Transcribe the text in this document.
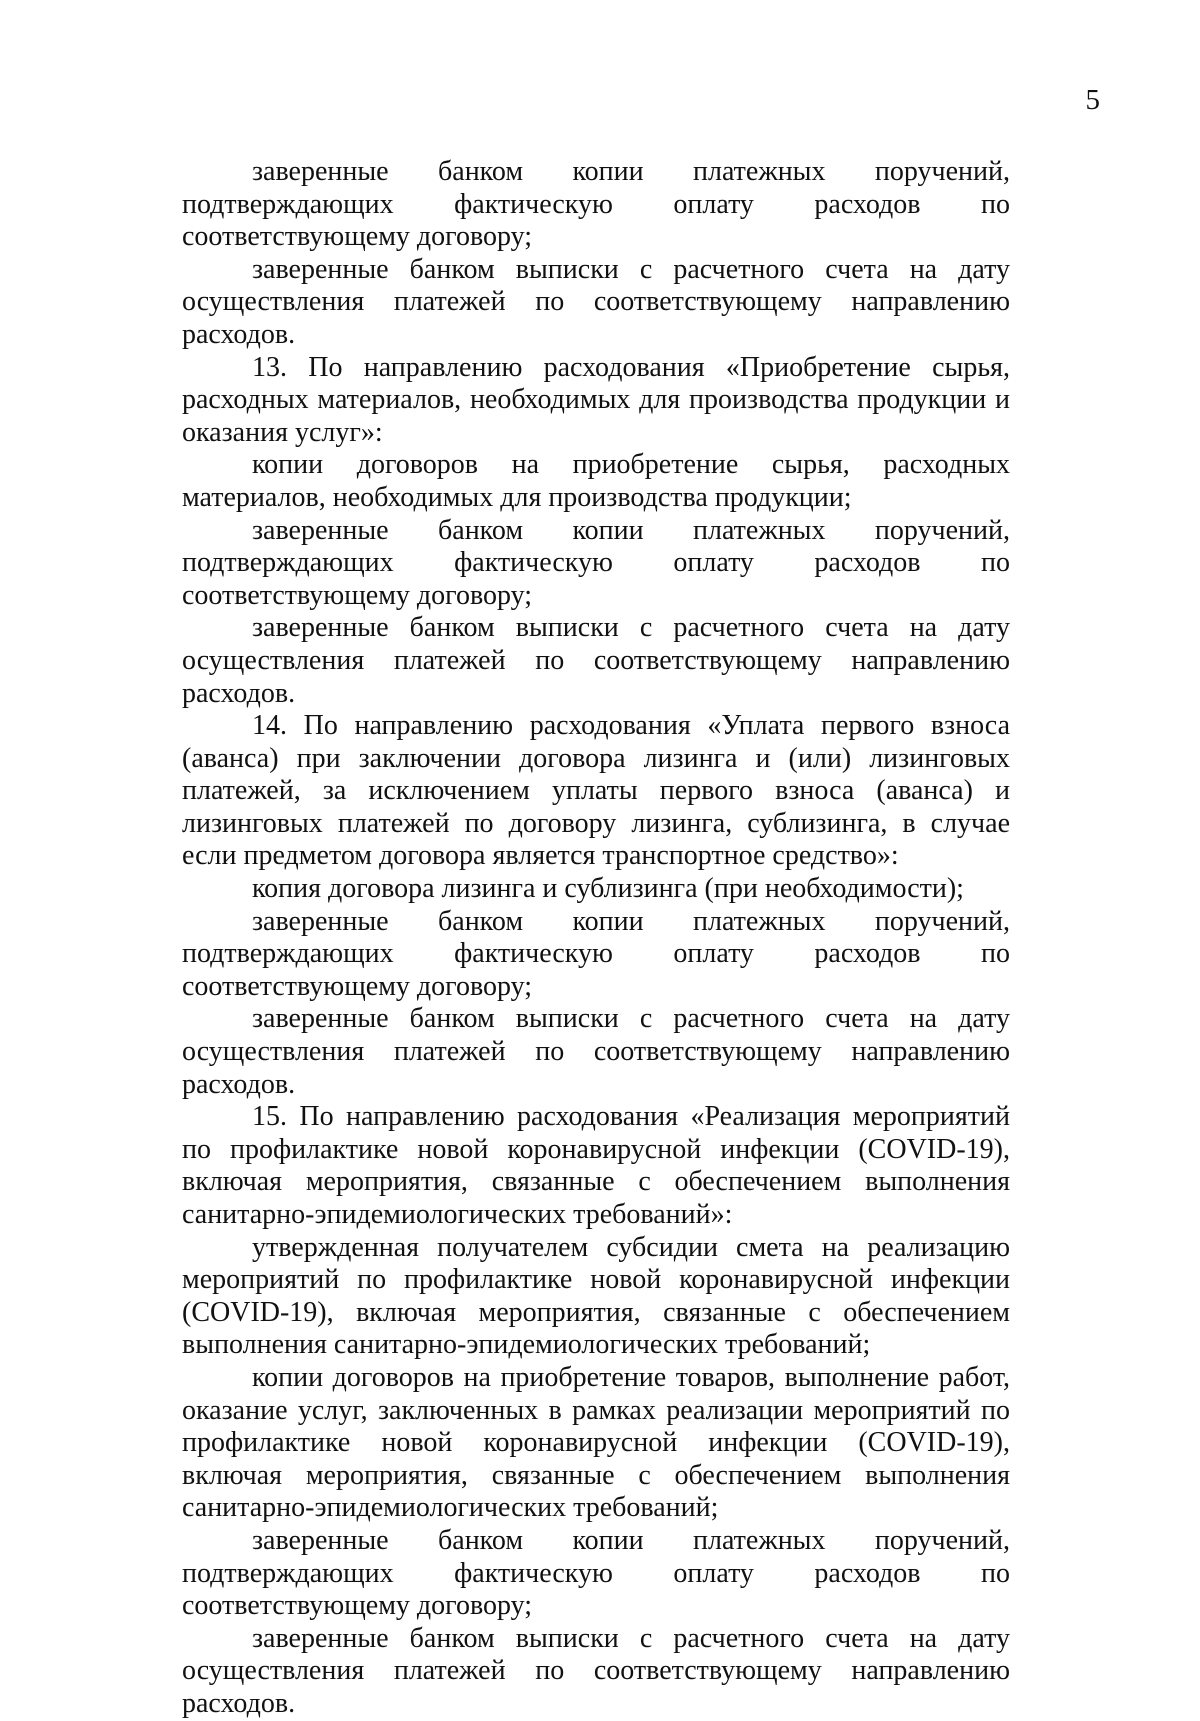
5

заверенные банком копии платежных поручений, подтверждающих фактическую оплату расходов по соответствующему договору;

заверенные банком выписки с расчетного счета на дату осуществления платежей по соответствующему направлению расходов.

13. По направлению расходования «Приобретение сырья, расходных материалов, необходимых для производства продукции и оказания услуг»:

копии договоров на приобретение сырья, расходных материалов, необходимых для производства продукции;

заверенные банком копии платежных поручений, подтверждающих фактическую оплату расходов по соответствующему договору;

заверенные банком выписки с расчетного счета на дату осуществления платежей по соответствующему направлению расходов.

14. По направлению расходования «Уплата первого взноса (аванса) при заключении договора лизинга и (или) лизинговых платежей, за исключением уплаты первого взноса (аванса) и лизинговых платежей по договору лизинга, сублизинга, в случае если предметом договора является транспортное средство»:

копия договора лизинга и сублизинга (при необходимости);

заверенные банком копии платежных поручений, подтверждающих фактическую оплату расходов по соответствующему договору;

заверенные банком выписки с расчетного счета на дату осуществления платежей по соответствующему направлению расходов.

15. По направлению расходования «Реализация мероприятий по профилактике новой коронавирусной инфекции (COVID-19), включая мероприятия, связанные с обеспечением выполнения санитарно-эпидемиологических требований»:

утвержденная получателем субсидии смета на реализацию мероприятий по профилактике новой коронавирусной инфекции (COVID-19), включая мероприятия, связанные с обеспечением выполнения санитарно-эпидемиологических требований;

копии договоров на приобретение товаров, выполнение работ, оказание услуг, заключенных в рамках реализации мероприятий по профилактике новой коронавирусной инфекции (COVID-19), включая мероприятия, связанные с обеспечением выполнения санитарно-эпидемиологических требований;

заверенные банком копии платежных поручений, подтверждающих фактическую оплату расходов по соответствующему договору;

заверенные банком выписки с расчетного счета на дату осуществления платежей по соответствующему направлению расходов.
